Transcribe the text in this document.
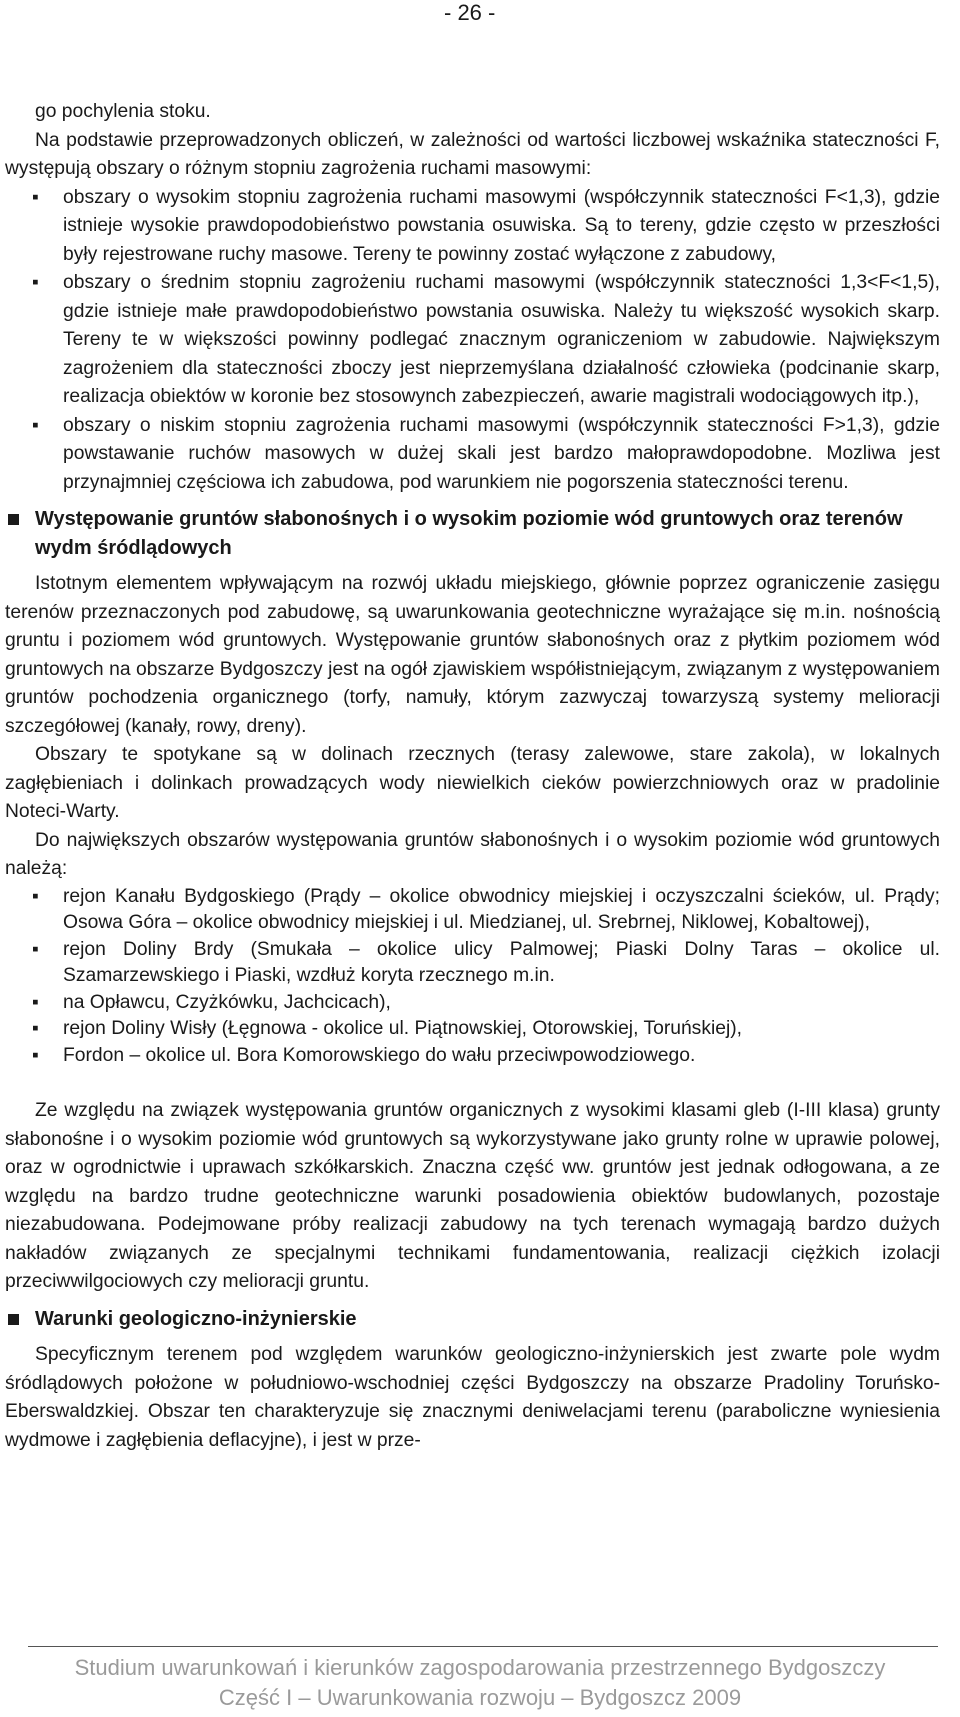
- 26 -

go pochylenia stoku.

Na podstawie przeprowadzonych obliczeń, w zależności od wartości liczbowej wskaźnika stateczności F, występują obszary o różnym stopniu zagrożenia ruchami masowymi:

▪ obszary o wysokim stopniu zagrożenia ruchami masowymi (współczynnik stateczności F<1,3), gdzie istnieje wysokie prawdopodobieństwo powstania osuwiska. Są to tereny, gdzie często w przeszłości były rejestrowane ruchy masowe. Tereny te powinny zostać wyłączone z zabudowy,
▪ obszary o średnim stopniu zagrożeniu ruchami masowymi (współczynnik stateczności 1,3<F<1,5), gdzie istnieje małe prawdopodobieństwo powstania osuwiska. Należy tu większość wysokich skarp. Tereny te w większości powinny podlegać znacznym ograniczeniom w zabudowie. Największym zagrożeniem dla stateczności zboczy jest nieprzemyślana działalność człowieka (podcinanie skarp, realizacja obiektów w koronie bez stosowynch zabezpieczeń, awarie magistrali wodociągowych itp.),
▪ obszary o niskim stopniu zagrożenia ruchami masowymi (współczynnik stateczności F>1,3), gdzie powstawanie ruchów masowych w dużej skali jest bardzo małoprawdopodobne. Mozliwa jest przynajmniej częściowa ich zabudowa, pod warunkiem nie pogorszenia stateczności terenu.
Występowanie gruntów słabonośnych i o wysokim poziomie wód gruntowych oraz terenów wydm śródlądowych

Istotnym elementem wpływającym na rozwój układu miejskiego, głównie poprzez ograniczenie zasięgu terenów przeznaczonych pod zabudowę, są uwarunkowania geotechniczne wyrażające się m.in. nośnością gruntu i poziomem wód gruntowych. Występowanie gruntów słabonośnych oraz z płytkim poziomem wód gruntowych na obszarze Bydgoszczy jest na ogół zjawiskiem współistniejącym, związanym z występowaniem gruntów pochodzenia organicznego (torfy, namuły, którym zazwyczaj towarzyszą systemy melioracji szczegółowej (kanały, rowy, dreny).

Obszary te spotykane są w dolinach rzecznych (terasy zalewowe, stare zakola), w lokalnych zagłębieniach i dolinkach prowadzących wody niewielkich cieków powierzchniowych oraz w pradolinie Noteci-Warty.

Do największych obszarów występowania gruntów słabonośnych i o wysokim poziomie wód gruntowych należą:

▪ rejon Kanału Bydgoskiego (Prądy – okolice obwodnicy miejskiej i oczyszczalni ścieków, ul. Prądy; Osowa Góra – okolice obwodnicy miejskiej i ul. Miedzianej, ul. Srebrnej, Niklowej, Kobaltowej),
▪ rejon Doliny Brdy (Smukała – okolice ulicy Palmowej; Piaski Dolny Taras – okolice ul. Szamarzewskiego i Piaski, wzdłuż koryta rzecznego m.in.
▪ na Opławcu, Czyżkówku, Jachcicach),
▪ rejon Doliny Wisły (Łęgnowa - okolice ul. Piątnowskiej, Otorowskiej, Toruńskiej),
▪ Fordon – okolice ul. Bora Komorowskiego do wału przeciwpowodziowego.

Ze względu na związek występowania gruntów organicznych z wysokimi klasami gleb (I-III klasa) grunty słabonośne i o wysokim poziomie wód gruntowych są wykorzystywane jako grunty rolne w uprawie polowej, oraz w ogrodnictwie i uprawach szkółkarskich. Znaczna część ww. gruntów jest jednak odłogowana, a ze względu na bardzo trudne geotechniczne warunki posadowienia obiektów budowlanych, pozostaje niezabudowana. Podejmowane próby realizacji zabudowy na tych terenach wymagają bardzo dużych nakładów związanych ze specjalnymi technikami fundamentowania, realizacji ciężkich izolacji przeciwwilgociowych czy melioracji gruntu.

Warunki geologiczno-inżynierskie

Specyficznym terenem pod względem warunków geologiczno-inżynierskich jest zwarte pole wydm śródlądowych położone w południowo-wschodniej części Bydgoszczy na obszarze Pradoliny Toruńsko-Eberswaldzkiej. Obszar ten charakteryzuje się znacznymi deniwelacjami terenu (paraboliczne wyniesienia wydmowe i zagłębienia deflacyjne), i jest w prze-

Studium uwarunkowań i kierunków zagospodarowania przestrzennego Bydgoszczy
Część I – Uwarunkowania rozwoju – Bydgoszcz 2009
